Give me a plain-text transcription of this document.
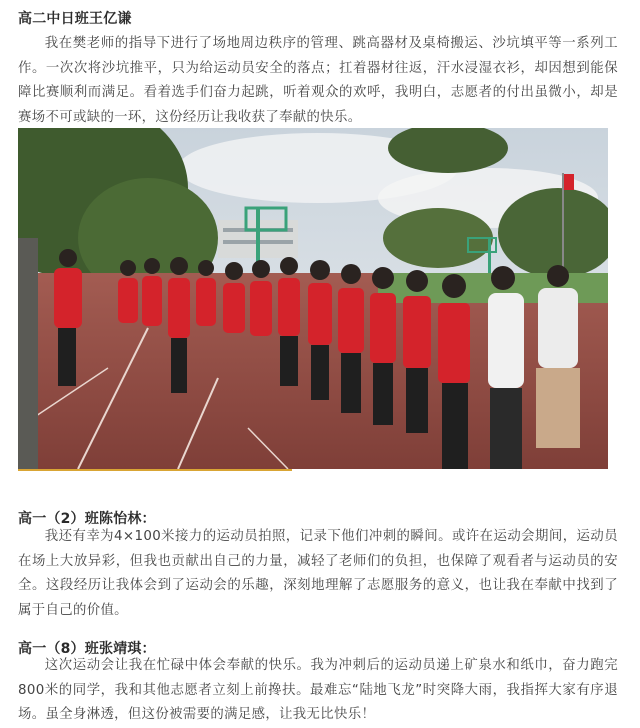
高二中日班王亿谦
我在樊老师的指导下进行了场地周边秩序的管理、跳高器材及桌椅搬运、沙坑填平等一系列工作。一次次将沙坑推平，只为给运动员安全的落点；扛着器材往返，汗水浸湿衣衫，却因想到能保障比赛顺利而满足。看着选手们奋力起跳，听着观众的欢呼，我明白，志愿者的付出虽微小，却是赛场不可或缺的一环，这份经历让我收获了奉献的快乐。
高一（2）班陈怡林：
我还有幸为4×100米接力的运动员拍照，记录下他们冲刺的瞬间。或许在运动会期间，运动员在场上大放异彩，但我也贡献出自己的力量，减轻了老师们的负担，也保障了观看者与运动员的安全。这段经历让我体会到了运动会的乐趣，深刻地理解了志愿服务的意义，也让我在奉献中找到了属于自己的价值。
高一（8）班张靖琪：
这次运动会让我在忙碌中体会奉献的快乐。我为冲刺后的运动员递上矿泉水和纸巾，奋力跑完800米的同学，我和其他志愿者立刻上前搀扶。最难忘“陆地飞龙”时突降大雨，我指挥大家有序退场。虽全身淋透，但这份被需要的满足感，让我无比快乐！
